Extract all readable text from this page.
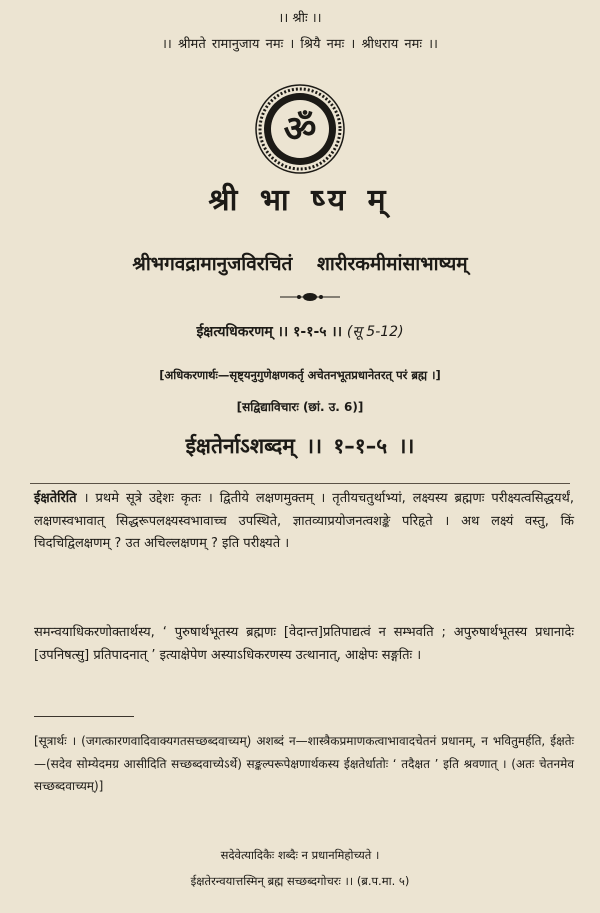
।। श्रीः ।।
।। श्रीमते रामानुजाय नमः । श्रियै नमः । श्रीधराय नमः ।।
ॐ
श्री भा ष्य म्
श्रीभगवद्रामानुजविरचितं शारीरकमीमांसाभाष्यम्
ईक्षत्यधिकरणम् ।। १-१-५ ।। (सू 5-12)
[अधिकरणार्थः—सृष्ट्यनुगुणेक्षणकर्तृ अचेतनभूतप्रधानेतरत् परं ब्रह्म ।]
[सद्विद्याविचारः (छां. उ. 6)]
ईक्षतेर्नाऽशब्दम् ।। १–१–५ ।।
ईक्षतेरिति । प्रथमे सूत्रे उद्देशः कृतः । द्वितीये लक्षणमुक्तम् । तृतीयचतुर्थाभ्यां, लक्ष्यस्य ब्रह्मणः परीक्ष्यत्वसिद्धयर्थं, लक्षणस्वभावात् सिद्धरूपलक्ष्यस्वभावाच्च उपस्थिते, ज्ञातव्याप्रयोजनत्वशङ्के परिहृते । अथ लक्ष्यं वस्तु, किं चिदचिद्विलक्षणम् ? उत अचिल्लक्षणम् ? इति परीक्ष्यते ।
समन्वयाधिकरणोक्तार्थस्य, ‘ पुरुषार्थभूतस्य ब्रह्मणः [वेदान्त]प्रतिपाद्यत्वं न सम्भवति ; अपुरुषार्थभूतस्य प्रधानादेः [उपनिषत्सु] प्रतिपादनात् ’ इत्याक्षेपेण अस्याऽधिकरणस्य उत्थानात्, आक्षेपः सङ्गतिः ।
[सूत्रार्थः । (जगत्कारणवादिवाक्यगतसच्छब्दवाच्यम्) अशब्दं न—शास्त्रैकप्रमाणकत्वाभावादचेतनं प्रधानम्, न भवितुमर्हति, ईक्षतेः—(सदेव सोम्येदमग्र आसीदिति सच्छब्दवाच्येऽर्थे) सङ्कल्परूपेक्षणार्थकस्य ईक्षतेर्धातोः ‘ तदैक्षत ’ इति श्रवणात् । (अतः चेतनमेव सच्छब्दवाच्यम्)]
सदेवेत्यादिकैः शब्दैः न प्रधानमिहोच्यते ।
ईक्षतेरन्वयात्तस्मिन् ब्रह्म सच्छब्दगोचरः ।। (ब्र.प.मा. ५)
